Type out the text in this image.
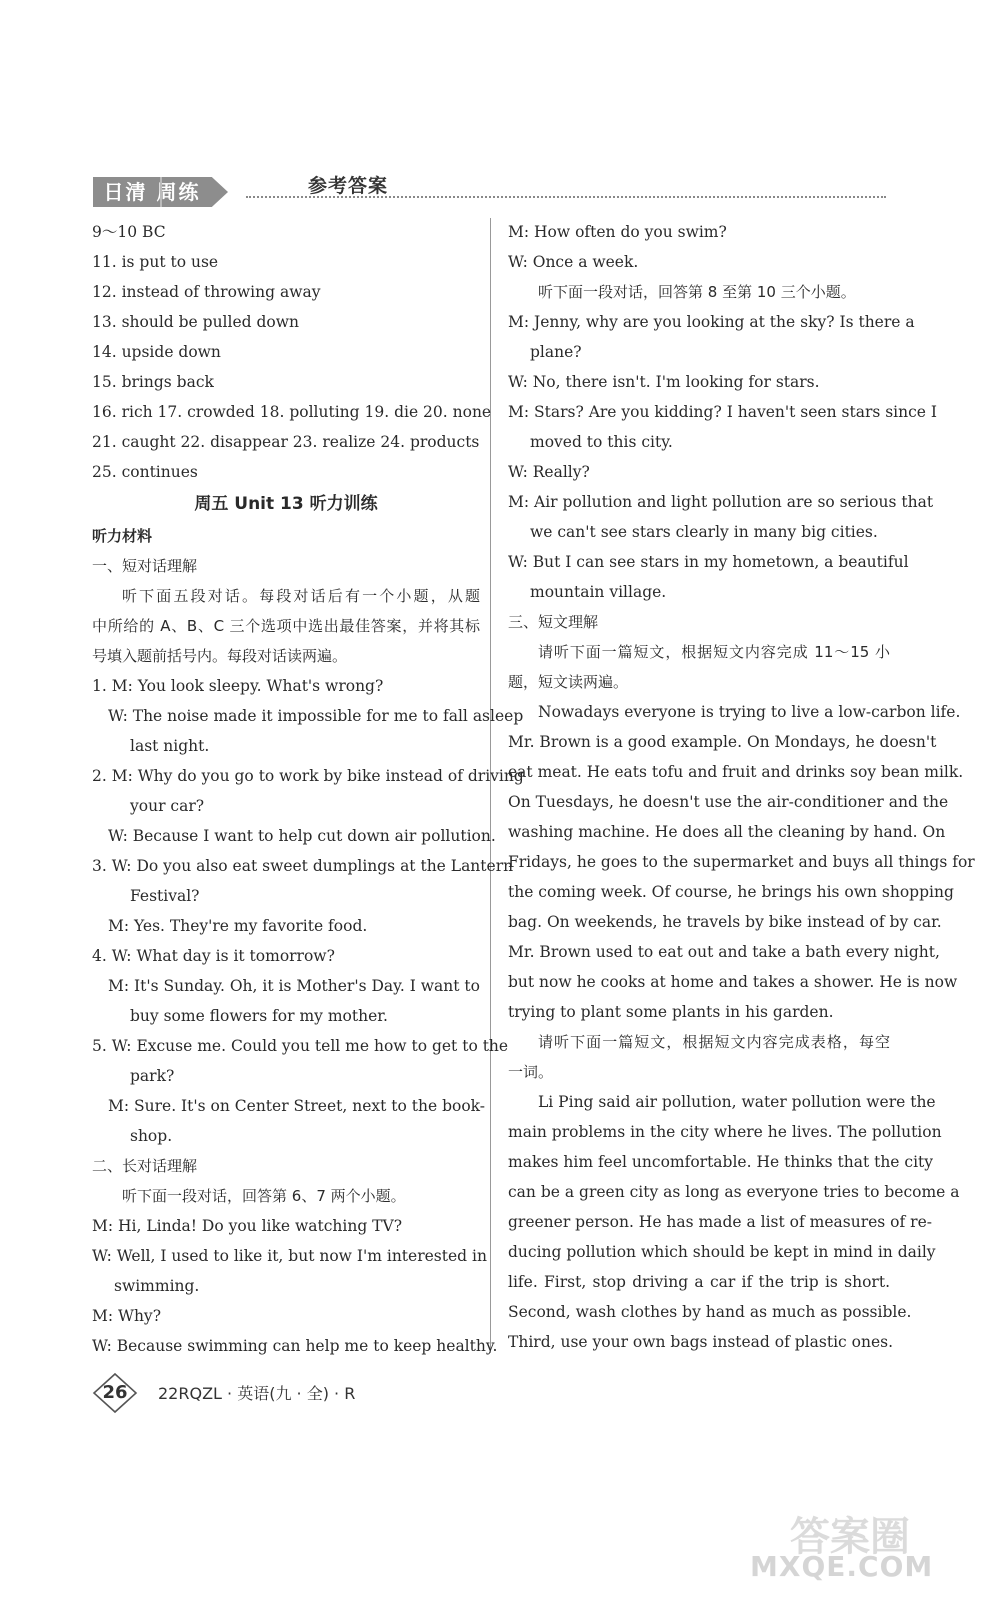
日清 周练	参考答案
9～10 BC
11. is put to use
12. instead of throwing away
13. should be pulled down
14. upside down
15. brings back
16. rich 17. crowded 18. polluting 19. die 20. none
21. caught 22. disappear 23. realize 24. products
25. continues
周五 Unit 13 听力训练
听力材料
一、短对话理解
听下面五段对话。每段对话后有一个小题，从题
中所给的 A、B、C 三个选项中选出最佳答案，并将其标
号填入题前括号内。每段对话读两遍。
1. M: You look sleepy. What's wrong?
W: The noise made it impossible for me to fall asleep
last night.
2. M: Why do you go to work by bike instead of driving
your car?
W: Because I want to help cut down air pollution.
3. W: Do you also eat sweet dumplings at the Lantern
Festival?
M: Yes. They're my favorite food.
4. W: What day is it tomorrow?
M: It's Sunday. Oh, it is Mother's Day. I want to
buy some flowers for my mother.
5. W: Excuse me. Could you tell me how to get to the
park?
M: Sure. It's on Center Street, next to the book-
shop.
二、长对话理解
听下面一段对话，回答第 6、7 两个小题。
M: Hi, Linda! Do you like watching TV?
W: Well, I used to like it, but now I'm interested in
swimming.
M: Why?
W: Because swimming can help me to keep healthy.
M: How often do you swim?
W: Once a week.
听下面一段对话，回答第 8 至第 10 三个小题。
M: Jenny, why are you looking at the sky? Is there a
plane?
W: No, there isn't. I'm looking for stars.
M: Stars? Are you kidding? I haven't seen stars since I
moved to this city.
W: Really?
M: Air pollution and light pollution are so serious that
we can't see stars clearly in many big cities.
W: But I can see stars in my hometown, a beautiful
mountain village.
三、短文理解
请听下面一篇短文，根据短文内容完成 11～15 小
题，短文读两遍。
Nowadays everyone is trying to live a low-carbon life.
Mr. Brown is a good example. On Mondays, he doesn't
eat meat. He eats tofu and fruit and drinks soy bean milk.
On Tuesdays, he doesn't use the air-conditioner and the
washing machine. He does all the cleaning by hand. On
Fridays, he goes to the supermarket and buys all things for
the coming week. Of course, he brings his own shopping
bag. On weekends, he travels by bike instead of by car.
Mr. Brown used to eat out and take a bath every night,
but now he cooks at home and takes a shower. He is now
trying to plant some plants in his garden.
请听下面一篇短文，根据短文内容完成表格，每空
一词。
Li Ping said air pollution, water pollution were the
main problems in the city where he lives. The pollution
makes him feel uncomfortable. He thinks that the city
can be a green city as long as everyone tries to become a
greener person. He has made a list of measures of re-
ducing pollution which should be kept in mind in daily
life. First, stop driving a car if the trip is short.
Second, wash clothes by hand as much as possible.
Third, use your own bags instead of plastic ones.
26	22RQZL · 英语(九 · 全) · R
答案圈
MXQE.COM
